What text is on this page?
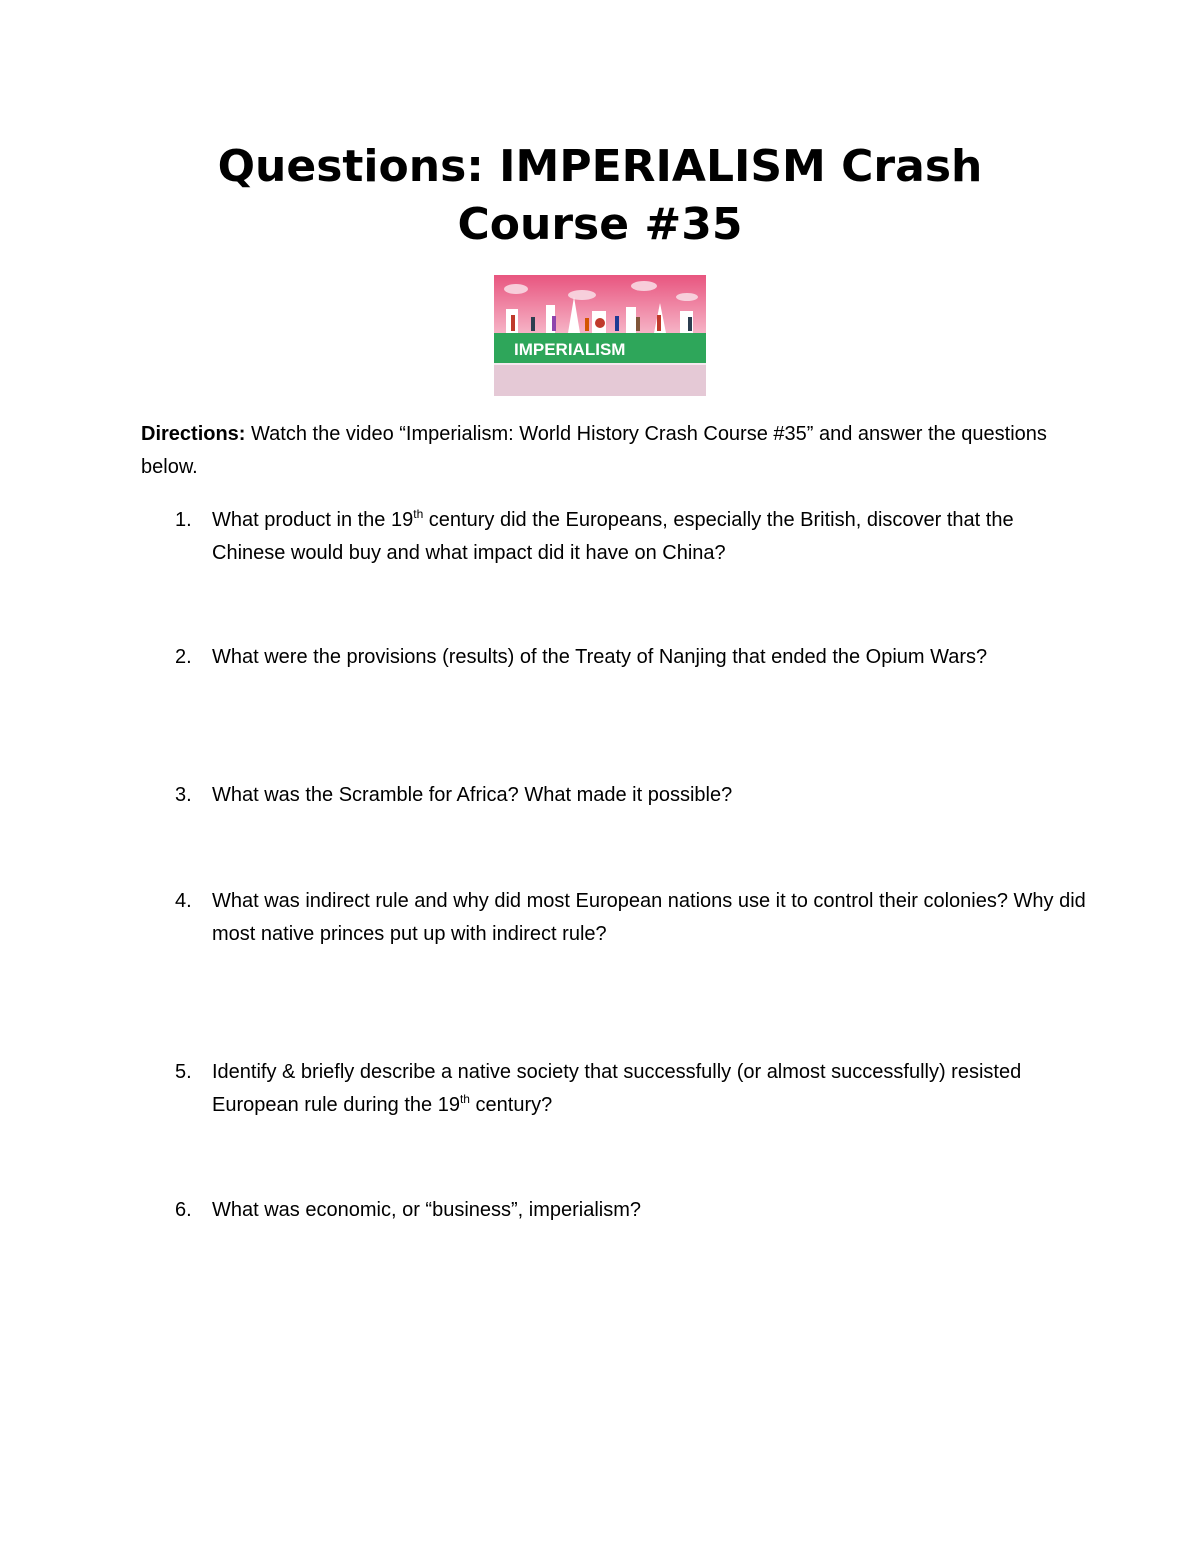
Questions: IMPERIALISM Crash
Course #35
IMPERIALISM

Directions: Watch the video “Imperialism: World History Crash Course #35” and answer the questions below.

1. What product in the 19th century did the Europeans, especially the British, discover that the Chinese would buy and what impact did it have on China?

2. What were the provisions (results) of the Treaty of Nanjing that ended the Opium Wars?

3. What was the Scramble for Africa? What made it possible?

4. What was indirect rule and why did most European nations use it to control their colonies? Why did most native princes put up with indirect rule?

5. Identify & briefly describe a native society that successfully (or almost successfully) resisted European rule during the 19th century?

6. What was economic, or “business”, imperialism?
